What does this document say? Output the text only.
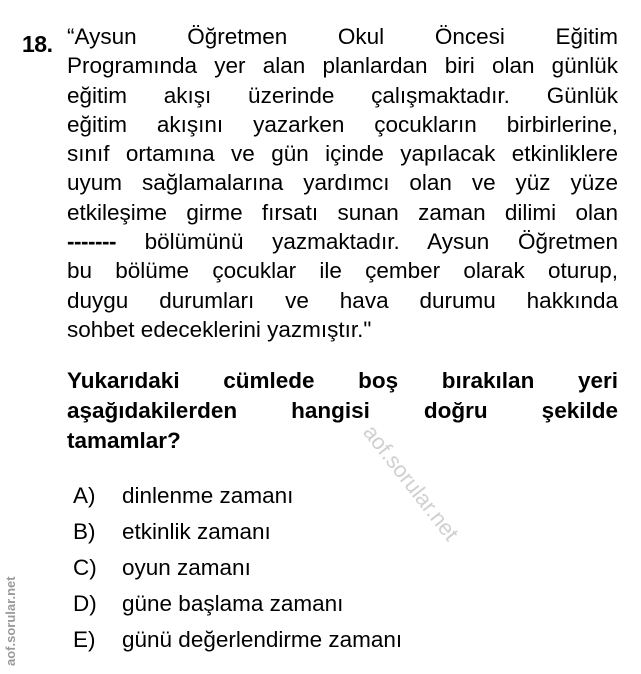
18. “Aysun Öğretmen Okul Öncesi Eğitim
Programında yer alan planlardan biri olan günlük
eğitim akışı üzerinde çalışmaktadır. Günlük
eğitim akışını yazarken çocukların birbirlerine,
sınıf ortamına ve gün içinde yapılacak etkinliklere
uyum sağlamalarına yardımcı olan ve yüz yüze
etkileşime girme fırsatı sunan zaman dilimi olan
------- bölümünü yazmaktadır. Aysun Öğretmen
bu bölüme çocuklar ile çember olarak oturup,
duygu durumları ve hava durumu hakkında
sohbet edeceklerini yazmıştır."
Yukarıdaki cümlede boş bırakılan yeri
aşağıdakilerden hangisi doğru şekilde
tamamlar?
A) dinlenme zamanı
B) etkinlik zamanı
C) oyun zamanı
D) güne başlama zamanı
E) günü değerlendirme zamanı
aof.sorular.net
aof.sorular.net
